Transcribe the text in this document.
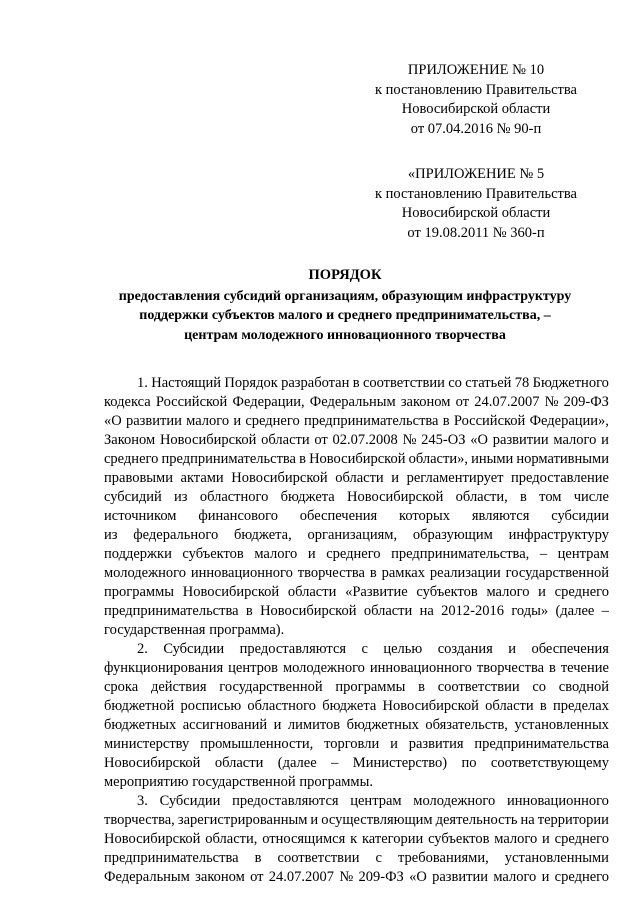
ПРИЛОЖЕНИЕ № 10
к постановлению Правительства
Новосибирской области
от 07.04.2016 № 90-п
«ПРИЛОЖЕНИЕ № 5
к постановлению Правительства
Новосибирской области
от 19.08.2011 № 360-п
ПОРЯДОК
предоставления субсидий организациям, образующим инфраструктуру
поддержки субъектов малого и среднего предпринимательства, –
центрам молодежного инновационного творчества
1. Настоящий Порядок разработан в соответствии со статьей 78 Бюджетного
кодекса Российской Федерации, Федеральным законом от 24.07.2007 № 209-ФЗ
«О развитии малого и среднего предпринимательства в Российской Федерации»,
Законом Новосибирской области от 02.07.2008 № 245-ОЗ «О развитии малого и
среднего предпринимательства в Новосибирской области», иными нормативными
правовыми актами Новосибирской области и регламентирует предоставление
субсидий из областного бюджета Новосибирской области, в том числе
источником финансового обеспечения которых являются субсидии
из федерального бюджета, организациям, образующим инфраструктуру
поддержки субъектов малого и среднего предпринимательства, – центрам
молодежного инновационного творчества в рамках реализации государственной
программы Новосибирской области «Развитие субъектов малого и среднего
предпринимательства в Новосибирской области на 2012-2016 годы» (далее –
государственная программа).
2. Субсидии предоставляются с целью создания и обеспечения
функционирования центров молодежного инновационного творчества в течение
срока действия государственной программы в соответствии со сводной
бюджетной росписью областного бюджета Новосибирской области в пределах
бюджетных ассигнований и лимитов бюджетных обязательств, установленных
министерству промышленности, торговли и развития предпринимательства
Новосибирской области (далее – Министерство) по соответствующему
мероприятию государственной программы.
3. Субсидии предоставляются центрам молодежного инновационного
творчества, зарегистрированным и осуществляющим деятельность на территории
Новосибирской области, относящимся к категории субъектов малого и среднего
предпринимательства в соответствии с требованиями, установленными
Федеральным законом от 24.07.2007 № 209-ФЗ «О развитии малого и среднего
